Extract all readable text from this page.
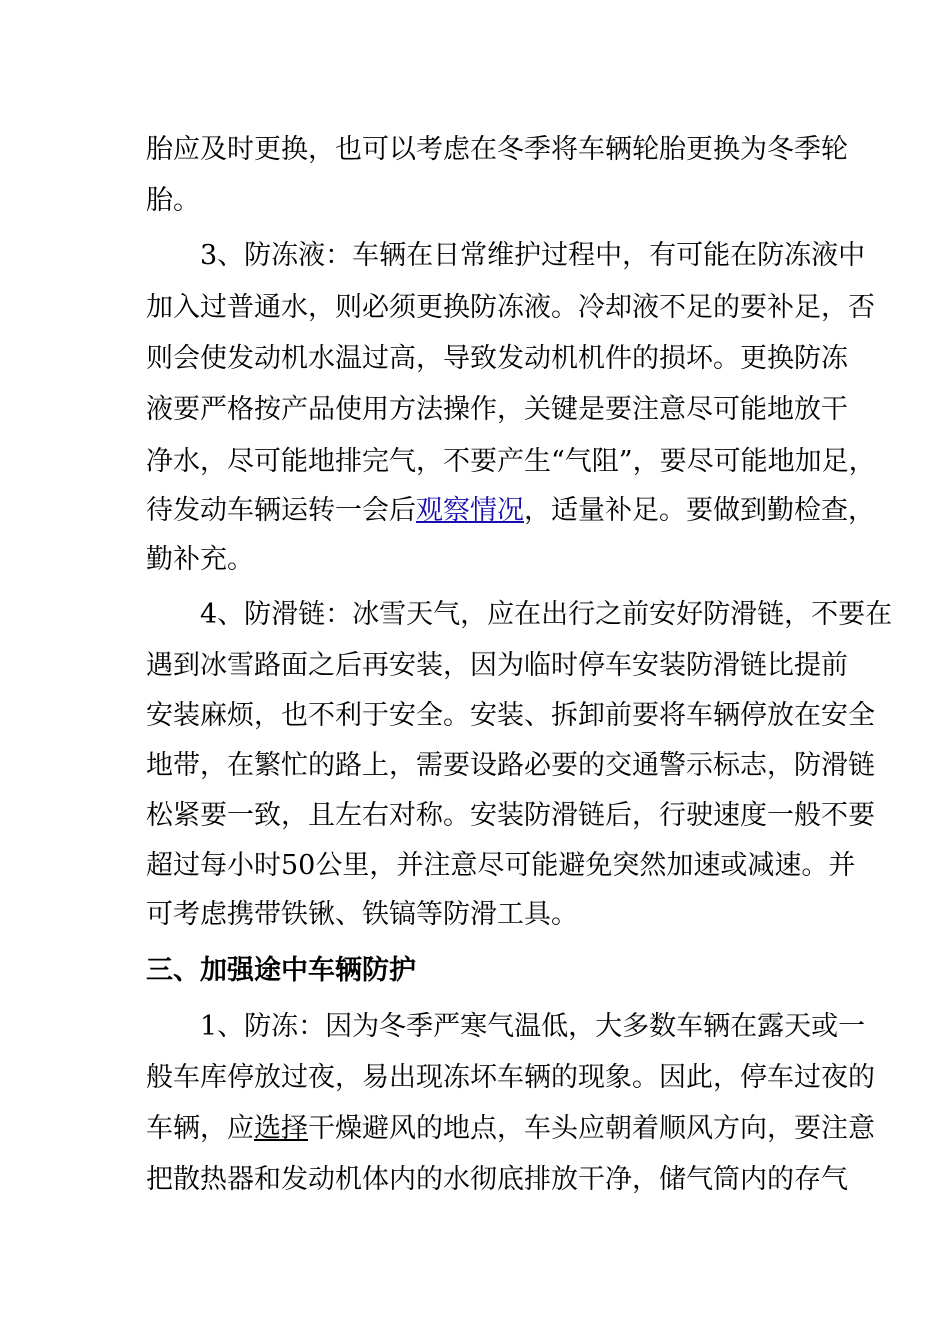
胎应及时更换，也可以考虑在冬季将车辆轮胎更换为冬季轮
胎。
3、防冻液：车辆在日常维护过程中，有可能在防冻液中
加入过普通水，则必须更换防冻液。冷却液不足的要补足，否
则会使发动机水温过高，导致发动机机件的损坏。更换防冻
液要严格按产品使用方法操作，关键是要注意尽可能地放干
净水，尽可能地排完气，不要产生“气阻”，要尽可能地加足，
待发动车辆运转一会后观察情况，适量补足。要做到勤检查，
勤补充。
4、防滑链：冰雪天气，应在出行之前安好防滑链，不要在
遇到冰雪路面之后再安装，因为临时停车安装防滑链比提前
安装麻烦，也不利于安全。安装、拆卸前要将车辆停放在安全
地带，在繁忙的路上，需要设路必要的交通警示标志，防滑链
松紧要一致，且左右对称。安装防滑链后，行驶速度一般不要
超过每小时50公里，并注意尽可能避免突然加速或减速。并
可考虑携带铁锹、铁镐等防滑工具。
三、加强途中车辆防护
1、防冻：因为冬季严寒气温低，大多数车辆在露天或一
般车库停放过夜，易出现冻坏车辆的现象。因此，停车过夜的
车辆，应选择干燥避风的地点，车头应朝着顺风方向，要注意
把散热器和发动机体内的水彻底排放干净，储气筒内的存气
